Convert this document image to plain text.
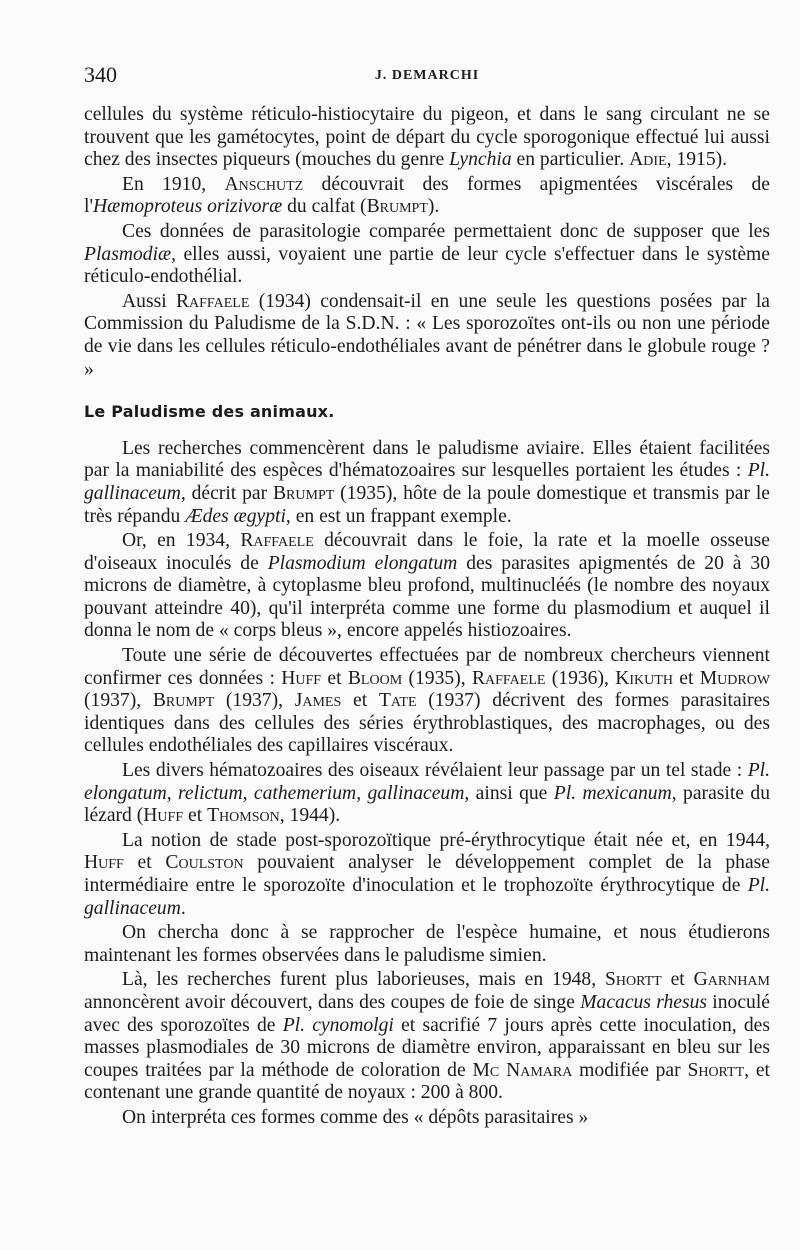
340	J. DEMARCHI

cellules du système réticulo-histiocytaire du pigeon, et dans le sang circulant ne se trouvent que les gamétocytes, point de départ du cycle sporogonique effectué lui aussi chez des insectes piqueurs (mouches du genre Lynchia en particulier. Adie, 1915).

En 1910, Anschutz découvrait des formes apigmentées viscérales de l'Hæmoproteus orizivoræ du calfat (Brumpt).

Ces données de parasitologie comparée permettaient donc de supposer que les Plasmodiæ, elles aussi, voyaient une partie de leur cycle s'effectuer dans le système réticulo-endothélial.

Aussi Raffaele (1934) condensait-il en une seule les questions posées par la Commission du Paludisme de la S.D.N. : « Les sporozoïtes ont-ils ou non une période de vie dans les cellules réticulo-endothéliales avant de pénétrer dans le globule rouge ? »

Le Paludisme des animaux.

Les recherches commencèrent dans le paludisme aviaire. Elles étaient facilitées par la maniabilité des espèces d'hématozoaires sur lesquelles portaient les études : Pl. gallinaceum, décrit par Brumpt (1935), hôte de la poule domestique et transmis par le très répandu Ædes ægypti, en est un frappant exemple.

Or, en 1934, Raffaele découvrait dans le foie, la rate et la moelle osseuse d'oiseaux inoculés de Plasmodium elongatum des parasites apigmentés de 20 à 30 microns de diamètre, à cytoplasme bleu profond, multinucléés (le nombre des noyaux pouvant atteindre 40), qu'il interpréta comme une forme du plasmodium et auquel il donna le nom de « corps bleus », encore appelés histiozoaires.

Toute une série de découvertes effectuées par de nombreux chercheurs viennent confirmer ces données : Huff et Bloom (1935), Raffaele (1936), Kikuth et Mudrow (1937), Brumpt (1937), James et Tate (1937) décrivent des formes parasitaires identiques dans des cellules des séries érythroblastiques, des macrophages, ou des cellules endothéliales des capillaires viscéraux.

Les divers hématozoaires des oiseaux révélaient leur passage par un tel stade : Pl. elongatum, relictum, cathemerium, gallinaceum, ainsi que Pl. mexicanum, parasite du lézard (Huff et Thomson, 1944).

La notion de stade post-sporozoïtique pré-érythrocytique était née et, en 1944, Huff et Coulston pouvaient analyser le développement complet de la phase intermédiaire entre le sporozoïte d'inoculation et le trophozoïte érythrocytique de Pl. gallinaceum.

On chercha donc à se rapprocher de l'espèce humaine, et nous étudierons maintenant les formes observées dans le paludisme simien.

Là, les recherches furent plus laborieuses, mais en 1948, Shortt et Garnham annoncèrent avoir découvert, dans des coupes de foie de singe Macacus rhesus inoculé avec des sporozoïtes de Pl. cynomolgi et sacrifié 7 jours après cette inoculation, des masses plasmodiales de 30 microns de diamètre environ, apparaissant en bleu sur les coupes traitées par la méthode de coloration de Mc Namara modifiée par Shortt, et contenant une grande quantité de noyaux : 200 à 800.

On interpréta ces formes comme des « dépôts parasitaires »
